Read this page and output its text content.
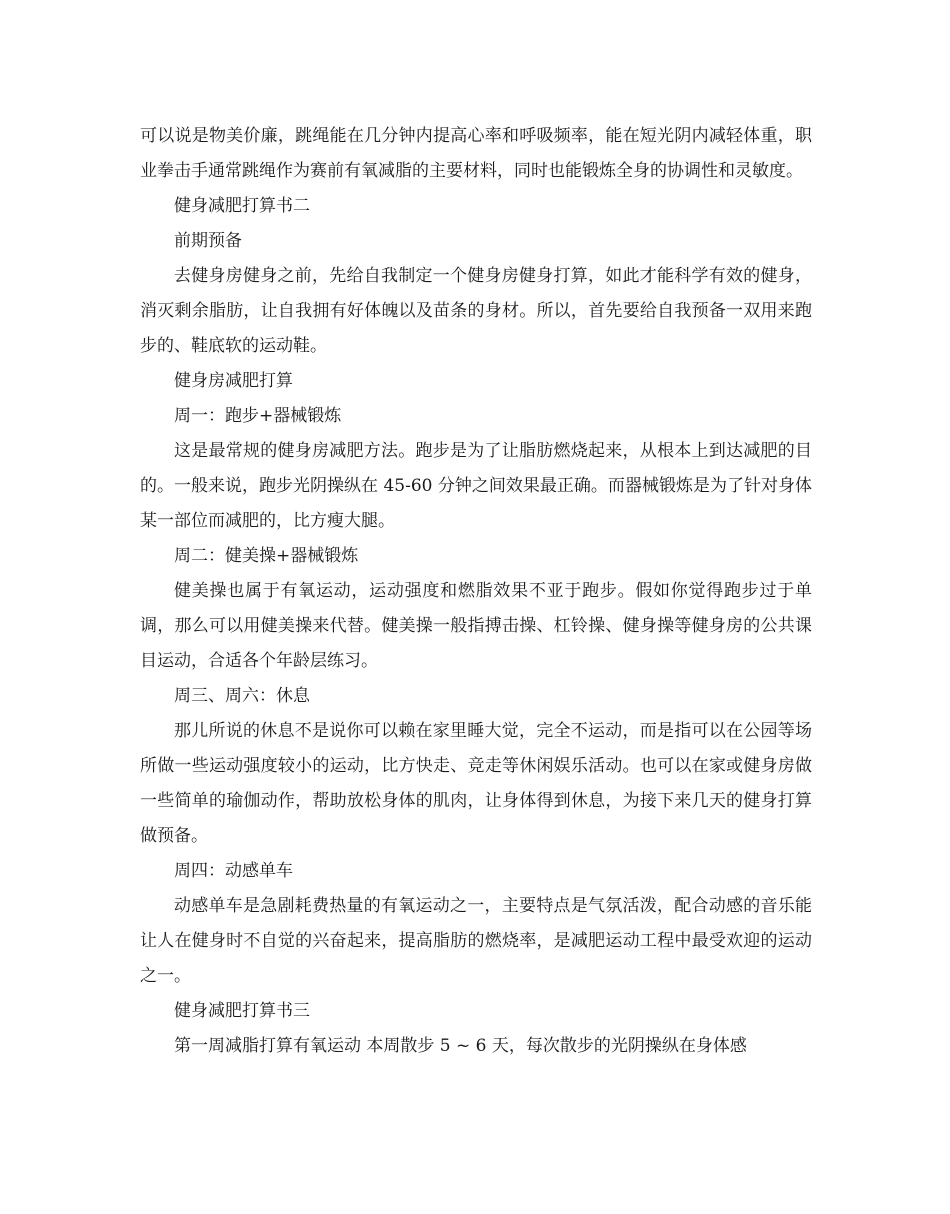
可以说是物美价廉，跳绳能在几分钟内提高心率和呼吸频率，能在短光阴内减轻体重，职业拳击手通常跳绳作为赛前有氧减脂的主要材料，同时也能锻炼全身的协调性和灵敏度。

健身减肥打算书二

前期预备

去健身房健身之前，先给自我制定一个健身房健身打算，如此才能科学有效的健身，消灭剩余脂肪，让自我拥有好体魄以及苗条的身材。所以，首先要给自我预备一双用来跑步的、鞋底软的运动鞋。

健身房减肥打算

周一：跑步+器械锻炼

这是最常规的健身房减肥方法。跑步是为了让脂肪燃烧起来，从根本上到达减肥的目的。一般来说，跑步光阴操纵在 45-60 分钟之间效果最正确。而器械锻炼是为了针对身体某一部位而减肥的，比方瘦大腿。

周二：健美操+器械锻炼

健美操也属于有氧运动，运动强度和燃脂效果不亚于跑步。假如你觉得跑步过于单调，那么可以用健美操来代替。健美操一般指搏击操、杠铃操、健身操等健身房的公共课目运动，合适各个年龄层练习。

周三、周六：休息

那儿所说的休息不是说你可以赖在家里睡大觉，完全不运动，而是指可以在公园等场所做一些运动强度较小的运动，比方快走、竞走等休闲娱乐活动。也可以在家或健身房做一些简单的瑜伽动作，帮助放松身体的肌肉，让身体得到休息，为接下来几天的健身打算做预备。

周四：动感单车

动感单车是急剧耗费热量的有氧运动之一，主要特点是气氛活泼，配合动感的音乐能让人在健身时不自觉的兴奋起来，提高脂肪的燃烧率，是减肥运动工程中最受欢迎的运动之一。

健身减肥打算书三

第一周减脂打算有氧运动 本周散步 5 ~ 6 天，每次散步的光阴操纵在身体感
